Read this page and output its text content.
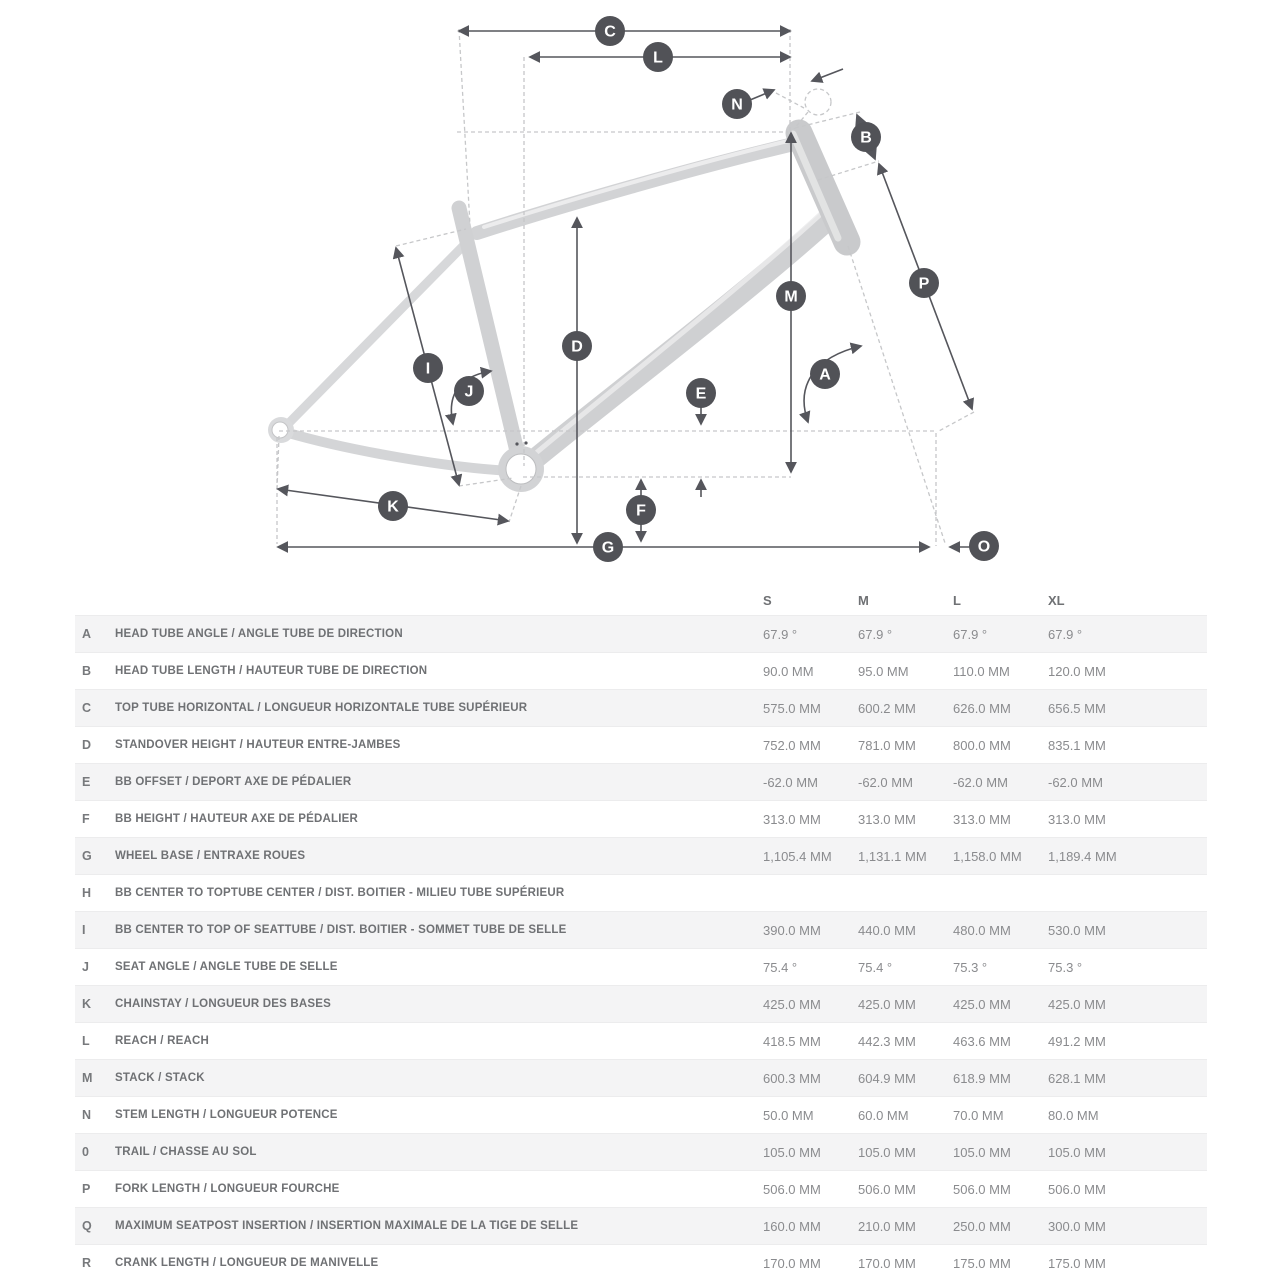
C
L
N
B
M
P
A
E
D
I
J
K	F
G	O
S	M	L	XL
A	HEAD TUBE ANGLE / ANGLE TUBE DE DIRECTION	67.9 °	67.9 °	67.9 °	67.9 °
B	HEAD TUBE LENGTH / HAUTEUR TUBE DE DIRECTION	90.0 MM	95.0 MM	110.0 MM	120.0 MM
C	TOP TUBE HORIZONTAL / LONGUEUR HORIZONTALE TUBE SUPÉRIEUR	575.0 MM	600.2 MM	626.0 MM	656.5 MM
D	STANDOVER HEIGHT / HAUTEUR ENTRE-JAMBES	752.0 MM	781.0 MM	800.0 MM	835.1 MM
E	BB OFFSET / DEPORT AXE DE PÉDALIER	-62.0 MM	-62.0 MM	-62.0 MM	-62.0 MM
F	BB HEIGHT / HAUTEUR AXE DE PÉDALIER	313.0 MM	313.0 MM	313.0 MM	313.0 MM
G	WHEEL BASE / ENTRAXE ROUES	1,105.4 MM	1,131.1 MM	1,158.0 MM	1,189.4 MM
H	BB CENTER TO TOPTUBE CENTER / DIST. BOITIER - MILIEU TUBE SUPÉRIEUR
I	BB CENTER TO TOP OF SEATTUBE / DIST. BOITIER - SOMMET TUBE DE SELLE	390.0 MM	440.0 MM	480.0 MM	530.0 MM
J	SEAT ANGLE / ANGLE TUBE DE SELLE	75.4 °	75.4 °	75.3 °	75.3 °
K	CHAINSTAY / LONGUEUR DES BASES	425.0 MM	425.0 MM	425.0 MM	425.0 MM
L	REACH / REACH	418.5 MM	442.3 MM	463.6 MM	491.2 MM
M	STACK / STACK	600.3 MM	604.9 MM	618.9 MM	628.1 MM
N	STEM LENGTH / LONGUEUR POTENCE	50.0 MM	60.0 MM	70.0 MM	80.0 MM
0	TRAIL / CHASSE AU SOL	105.0 MM	105.0 MM	105.0 MM	105.0 MM
P	FORK LENGTH / LONGUEUR FOURCHE	506.0 MM	506.0 MM	506.0 MM	506.0 MM
Q	MAXIMUM SEATPOST INSERTION / INSERTION MAXIMALE DE LA TIGE DE SELLE	160.0 MM	210.0 MM	250.0 MM	300.0 MM
R	CRANK LENGTH / LONGUEUR DE MANIVELLE	170.0 MM	170.0 MM	175.0 MM	175.0 MM
